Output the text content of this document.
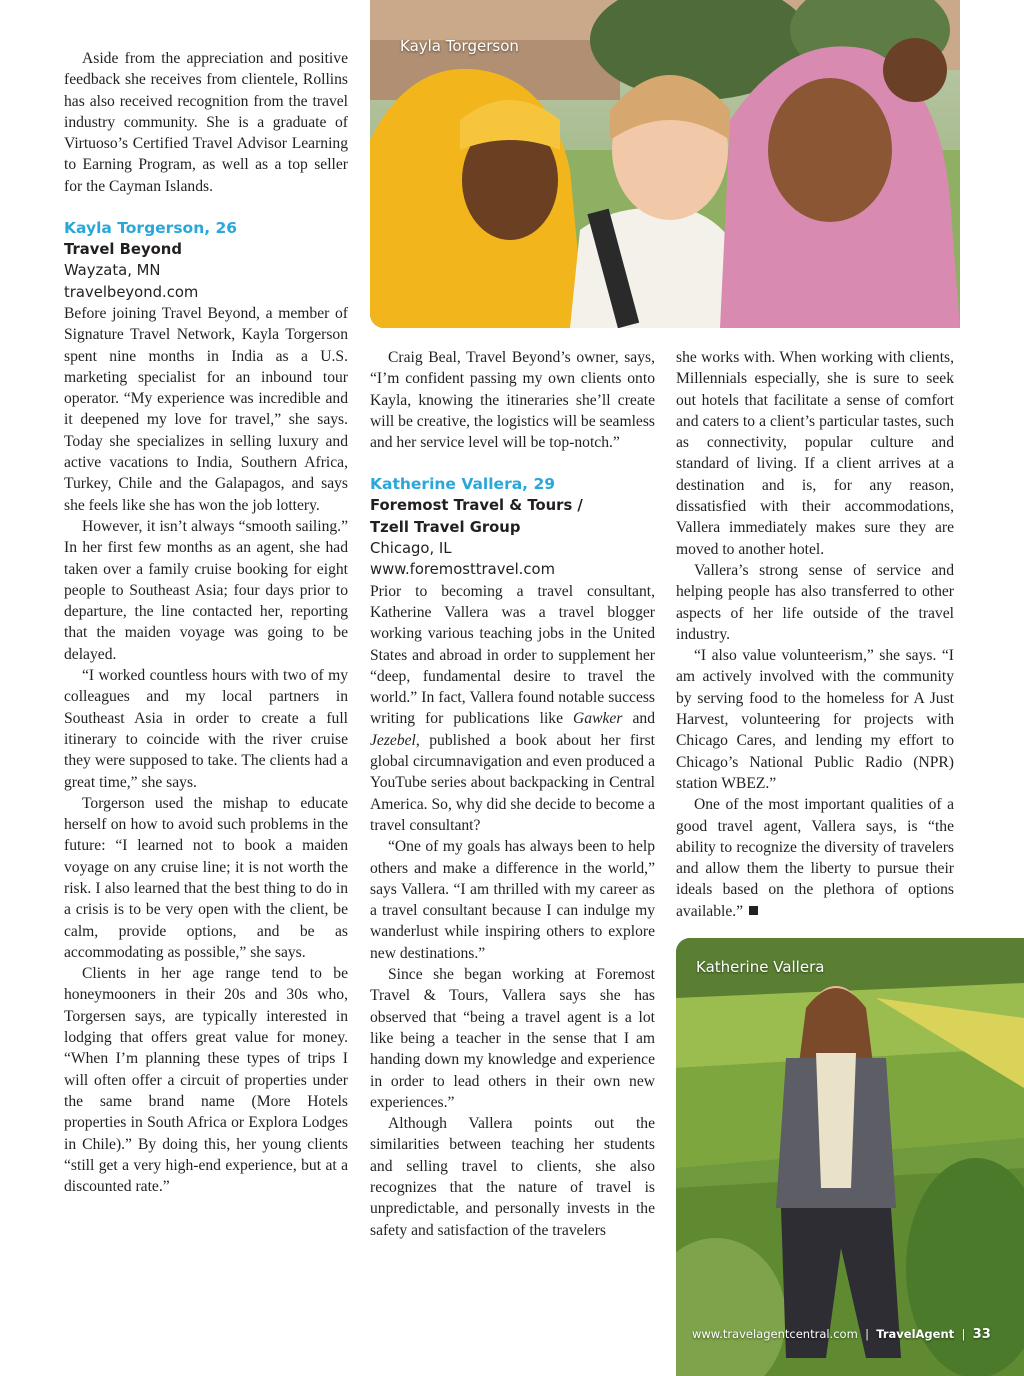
Kayla Torgerson
Katherine Vallera

Aside from the appreciation and positive feedback she receives from clientele, Rollins has also received recognition from the travel industry community. She is a graduate of Virtuoso’s Certified Travel Advisor Learning to Earning Program, as well as a top seller for the Cayman Islands.

Kayla Torgerson, 26
Travel Beyond
Wayzata, MN
travelbeyond.com

Before joining Travel Beyond, a member of Signature Travel Network, Kayla Torgerson spent nine months in India as a U.S. marketing specialist for an inbound tour operator. “My experience was incredible and it deepened my love for travel,” she says. Today she specializes in selling luxury and active vacations to India, Southern Africa, Turkey, Chile and the Galapagos, and says she feels like she has won the job lottery.

However, it isn’t always “smooth sailing.” In her first few months as an agent, she had taken over a family cruise booking for eight people to Southeast Asia; four days prior to departure, the line contacted her, reporting that the maiden voyage was going to be delayed.

“I worked countless hours with two of my colleagues and my local partners in Southeast Asia in order to create a full itinerary to coincide with the river cruise they were supposed to take. The clients had a great time,” she says.

Torgerson used the mishap to educate herself on how to avoid such problems in the future: “I learned not to book a maiden voyage on any cruise line; it is not worth the risk. I also learned that the best thing to do in a crisis is to be very open with the client, be calm, provide options, and be as accommodating as possible,” she says.

Clients in her age range tend to be honeymooners in their 20s and 30s who, Torgersen says, are typically interested in lodging that offers great value for money. “When I’m planning these types of trips I will often offer a circuit of properties under the same brand name (More Hotels properties in South Africa or Explora Lodges in Chile).” By doing this, her young clients “still get a very high-end experience, but at a discounted rate.”

Craig Beal, Travel Beyond’s owner, says, “I’m confident passing my own clients onto Kayla, knowing the itineraries she’ll create will be creative, the logistics will be seamless and her service level will be top-notch.”

Katherine Vallera, 29
Foremost Travel & Tours /
Tzell Travel Group
Chicago, IL
www.foremosttravel.com

Prior to becoming a travel consultant, Katherine Vallera was a travel blogger working various teaching jobs in the United States and abroad in order to supplement her “deep, fundamental desire to travel the world.” In fact, Vallera found notable success writing for publications like Gawker and Jezebel, published a book about her first global circumnavigation and even produced a YouTube series about backpacking in Central America. So, why did she decide to become a travel consultant?

“One of my goals has always been to help others and make a difference in the world,” says Vallera. “I am thrilled with my career as a travel consultant because I can indulge my wanderlust while inspiring others to explore new destinations.”

Since she began working at Foremost Travel & Tours, Vallera says she has observed that “being a travel agent is a lot like being a teacher in the sense that I am handing down my knowledge and experience in order to lead others in their own new experiences.”

Although Vallera points out the similarities between teaching her students and selling travel to clients, she also recognizes that the nature of travel is unpredictable, and personally invests in the safety and satisfaction of the travelers

she works with. When working with clients, Millennials especially, she is sure to seek out hotels that facilitate a sense of comfort and caters to a client’s particular tastes, such as connectivity, popular culture and standard of living. If a client arrives at a destination and is, for any reason, dissatisfied with their accommodations, Vallera immediately makes sure they are moved to another hotel.

Vallera’s strong sense of service and helping people has also transferred to other aspects of her life outside of the travel industry.

“I also value volunteerism,” she says. “I am actively involved with the community by serving food to the homeless for A Just Harvest, volunteering for projects with Chicago Cares, and lending my effort to Chicago’s National Public Radio (NPR) station WBEZ.”

One of the most important qualities of a good travel agent, Vallera says, is “the ability to recognize the diversity of travelers and allow them the liberty to pursue their ideals based on the plethora of options available.”

www.travelagentcentral.com | TravelAgent | 33
